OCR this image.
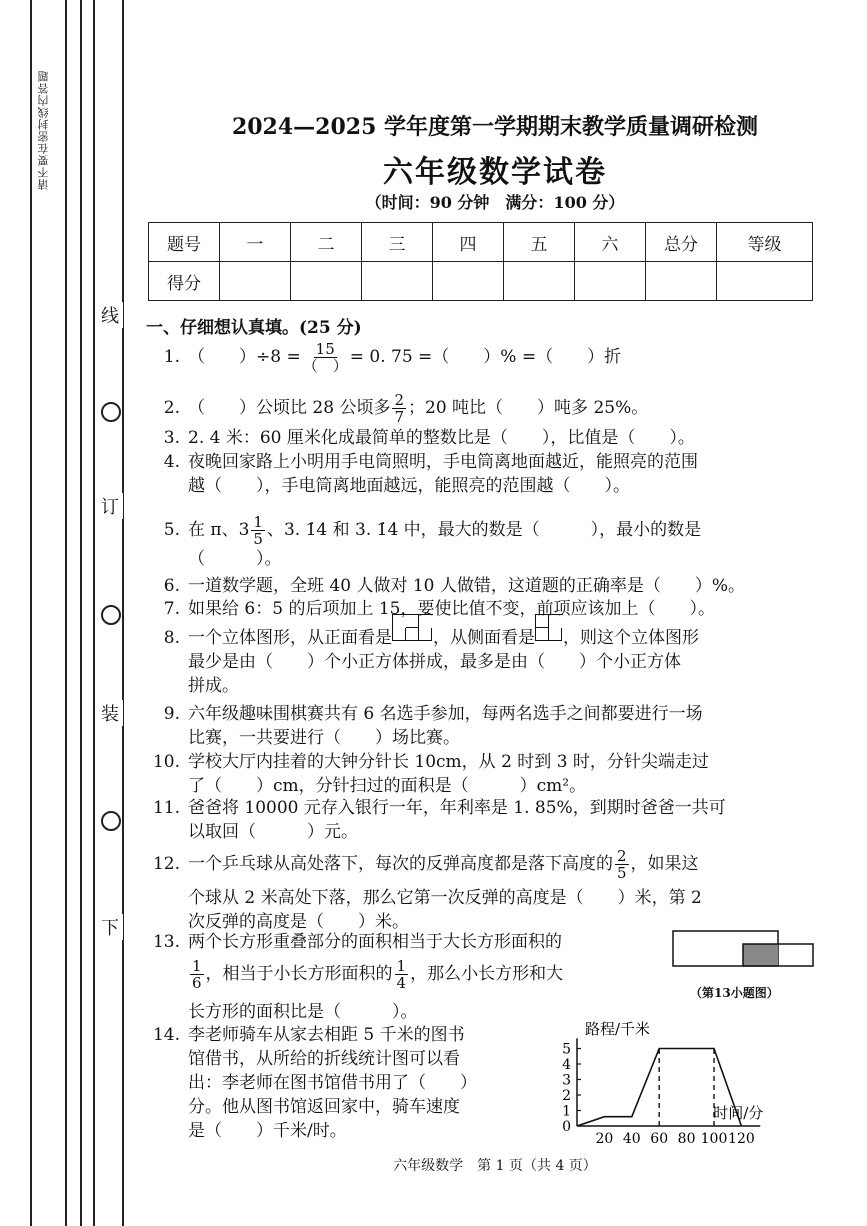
请不要在密封线内答题
线
订
装
下
2024—2025 学年度第一学期期末教学质量调研检测
六年级数学试卷
（时间：90 分钟　满分：100 分）
题号	一	二	三	四	五	六	总分	等级
得分								
一、仔细想认真填。(25 分)
1. （　　）$\div 8 = \frac{15}{( )} = 0$. 75 =（　　）% =（　　）折
2. （　　）公顷比 28 公顷多 $\frac{2}{7}$ ；20 吨比（　　）吨多 25%。
3. 2. 4 米：60 厘米化成最简单的整数比是（　　），比值是（　　）。
4. 夜晚回家路上小明用手电筒照明，手电筒离地面越近，能照亮的范围
越（　　），手电筒离地面越远，能照亮的范围越（　　）。
5. 在 π、$3 \frac{1}{5}$ 、3. 1̇4 和 3. 1̇4̇ 中，最大的数是（　　　），最小的数是
（　　　）。
6. 一道数学题，全班 40 人做对 10 人做错，这道题的正确率是（　　）%。
7. 如果给 6：5 的后项加上 15，要使比值不变，前项应该加上（　　）。
8. 一个立体图形，从正面看是 ，从侧面看是 ，则这个立体图形
最少是由（　　）个小正方体拼成，最多是由（　　）个小正方体
拼成。
9. 六年级趣味围棋赛共有 6 名选手参加，每两名选手之间都要进行一场
比赛，一共要进行（　　）场比赛。
10. 学校大厅内挂着的大钟分针长 10cm，从 2 时到 3 时，分针尖端走过
了（　　）cm，分针扫过的面积是（　　　）cm²。
11. 爸爸将 10000 元存入银行一年，年利率是 1. 85%，到期时爸爸一共可
以取回（　　　）元。
12. 一个乒乓球从高处落下，每次的反弹高度都是落下高度的 $\frac{2}{5}$ ，如果这
个球从 2 米高处下落，那么它第一次反弹的高度是（　　）米，第 2
次反弹的高度是（　　）米。
13. 两个长方形重叠部分的面积相当于大长方形面积的
$\frac{1}{6}$ ，相当于小长方形面积的 $\frac{1}{4}$ ，那么小长方形和大
长方形的面积比是（　　　）。
（第13小题图）
14. 李老师骑车从家去相距 5 千米的图书
馆借书，从所给的折线统计图可以看
出：李老师在图书馆借书用了（　　）
分。他从图书馆返回家中，骑车速度
是（　　）千米/时。	0
1
2
3
4
5
20 40 60 80 100 120
路程/千米
时间/分
六年级数学　第 1 页（共 4 页）
